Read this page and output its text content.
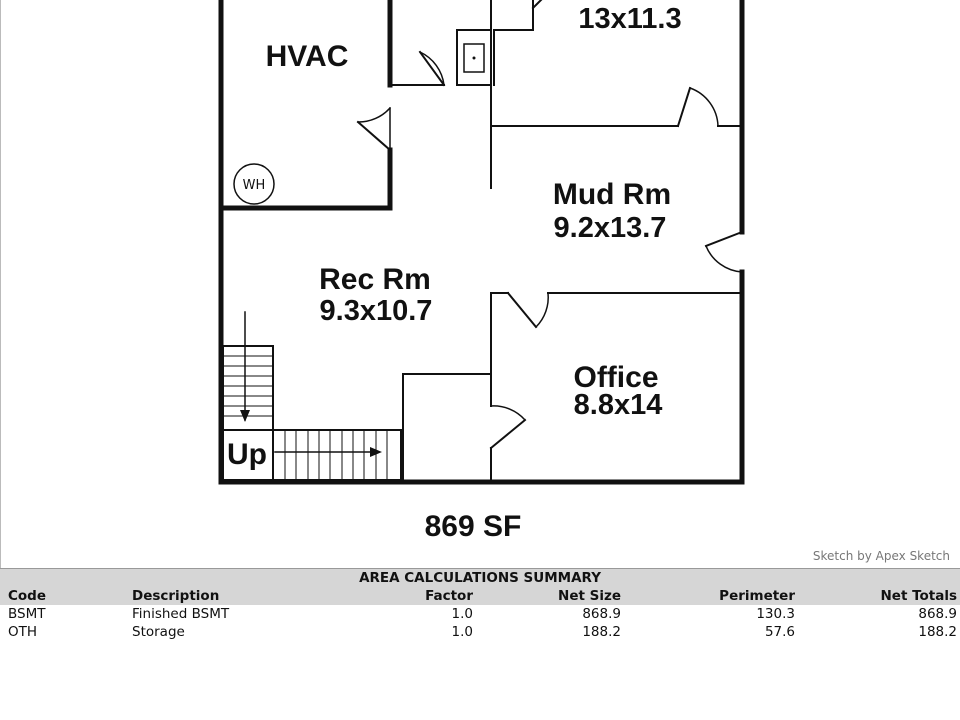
HVAC
13x11.3
Mud Rm
9.2x13.7
Rec Rm
9.3x10.7
Office
8.8x14
WH
Up
869 SF
Sketch by Apex Sketch
AREA CALCULATIONS SUMMARY					
Code	Description	Factor	Net Size	Perimeter	Net Totals
BSMT	Finished BSMT	1.0	868.9	130.3	868.9
OTH	Storage	1.0	188.2	57.6	188.2
